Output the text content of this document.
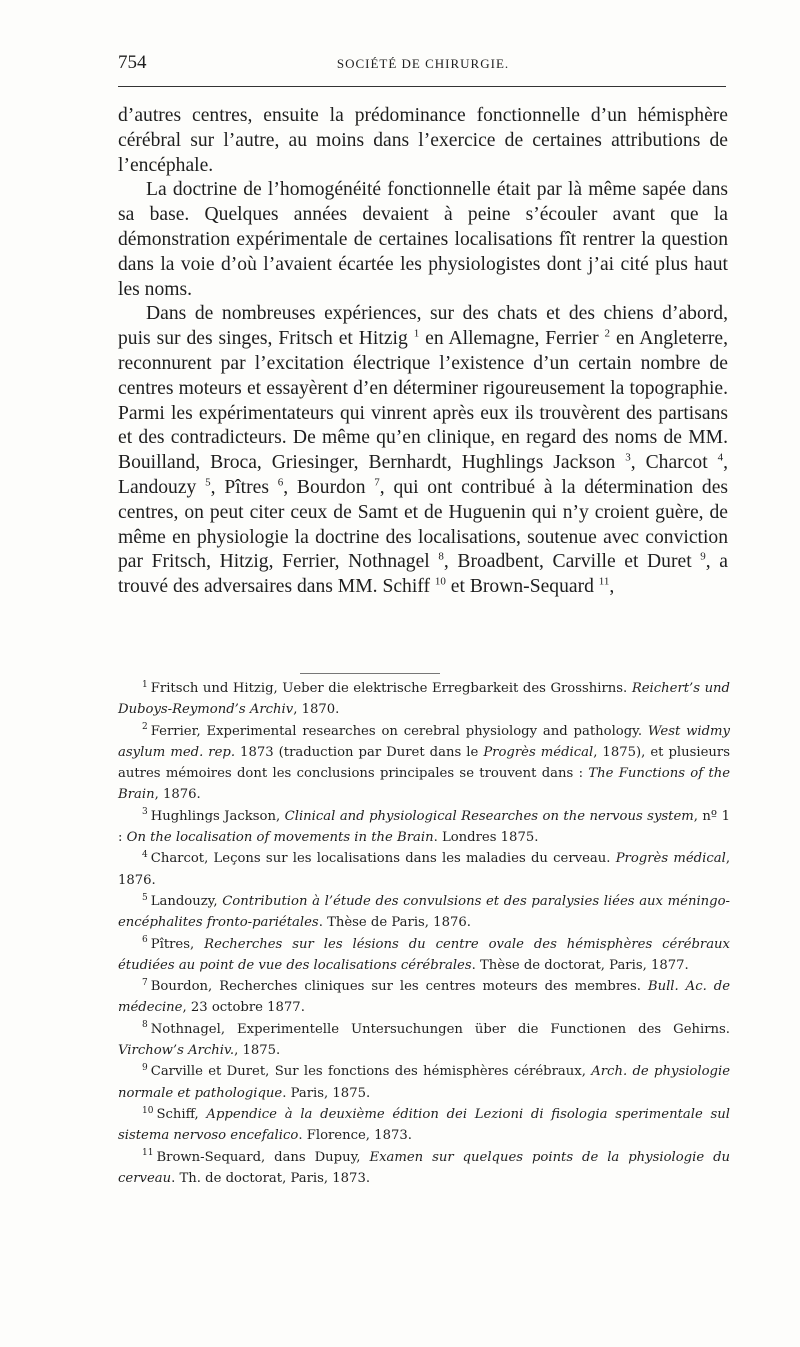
754	SOCIÉTÉ DE CHIRURGIE.

d’autres centres, ensuite la prédominance fonctionnelle d’un hémisphère cérébral sur l’autre, au moins dans l’exercice de certaines attributions de l’encéphale.

La doctrine de l’homogénéité fonctionnelle était par là même sapée dans sa base. Quelques années devaient à peine s’écouler avant que la démonstration expérimentale de certaines localisations fît rentrer la question dans la voie d’où l’avaient écartée les physiologistes dont j’ai cité plus haut les noms.

Dans de nombreuses expériences, sur des chats et des chiens d’abord, puis sur des singes, Fritsch et Hitzig $^1$ en Allemagne, Ferrier $^2$ en Angleterre, reconnurent par l’excitation électrique l’existence d’un certain nombre de centres moteurs et essayèrent d’en déterminer rigoureusement la topographie. Parmi les expérimentateurs qui vinrent après eux ils trouvèrent des partisans et des contradicteurs. De même qu’en clinique, en regard des noms de MM. Bouilland, Broca, Griesinger, Bernhardt, Hughlings Jackson $^3$, Charcot $^4$, Landouzy $^5$, Pîtres $^6$, Bourdon $^7$, qui ont contribué à la détermination des centres, on peut citer ceux de Samt et de Huguenin qui n’y croient guère, de même en physiologie la doctrine des localisations, soutenue avec conviction par Fritsch, Hitzig, Ferrier, Nothnagel $^8$, Broadbent, Carville et Duret $^9$, a trouvé des adversaires dans MM. Schiff $^{10}$ et Brown-Sequard $^{11}$,

$^1$ Fritsch und Hitzig, Ueber die elektrische Erregbarkeit des Grosshirns. Reichert’s und Duboys-Reymond’s Archiv, 1870.

$^2$ Ferrier, Experimental researches on cerebral physiology and pathology. West widmy asylum med. rep. 1873 (traduction par Duret dans le Progrès médical, 1875), et plusieurs autres mémoires dont les conclusions principales se trouvent dans : The Functions of the Brain, 1876.

$^3$ Hughlings Jackson, Clinical and physiological Researches on the nervous system, nº 1 : On the localisation of movements in the Brain. Londres 1875.

$^4$ Charcot, Leçons sur les localisations dans les maladies du cerveau. Progrès médical, 1876.

$^5$ Landouzy, Contribution à l’étude des convulsions et des paralysies liées aux méningo-encéphalites fronto-pariétales. Thèse de Paris, 1876.

$^6$ Pîtres, Recherches sur les lésions du centre ovale des hémisphères cérébraux étudiées au point de vue des localisations cérébrales. Thèse de doctorat, Paris, 1877.

$^7$ Bourdon, Recherches cliniques sur les centres moteurs des membres. Bull. Ac. de médecine, 23 octobre 1877.

$^8$ Nothnagel, Experimentelle Untersuchungen über die Functionen des Gehirns. Virchow’s Archiv., 1875.

$^9$ Carville et Duret, Sur les fonctions des hémisphères cérébraux, Arch. de physiologie normale et pathologique. Paris, 1875.

$^{10}$ Schiff, Appendice à la deuxième édition dei Lezioni di fisologia sperimentale sul sistema nervoso encefalico. Florence, 1873.

$^{11}$ Brown-Sequard, dans Dupuy, Examen sur quelques points de la physiologie du cerveau. Th. de doctorat, Paris, 1873.
